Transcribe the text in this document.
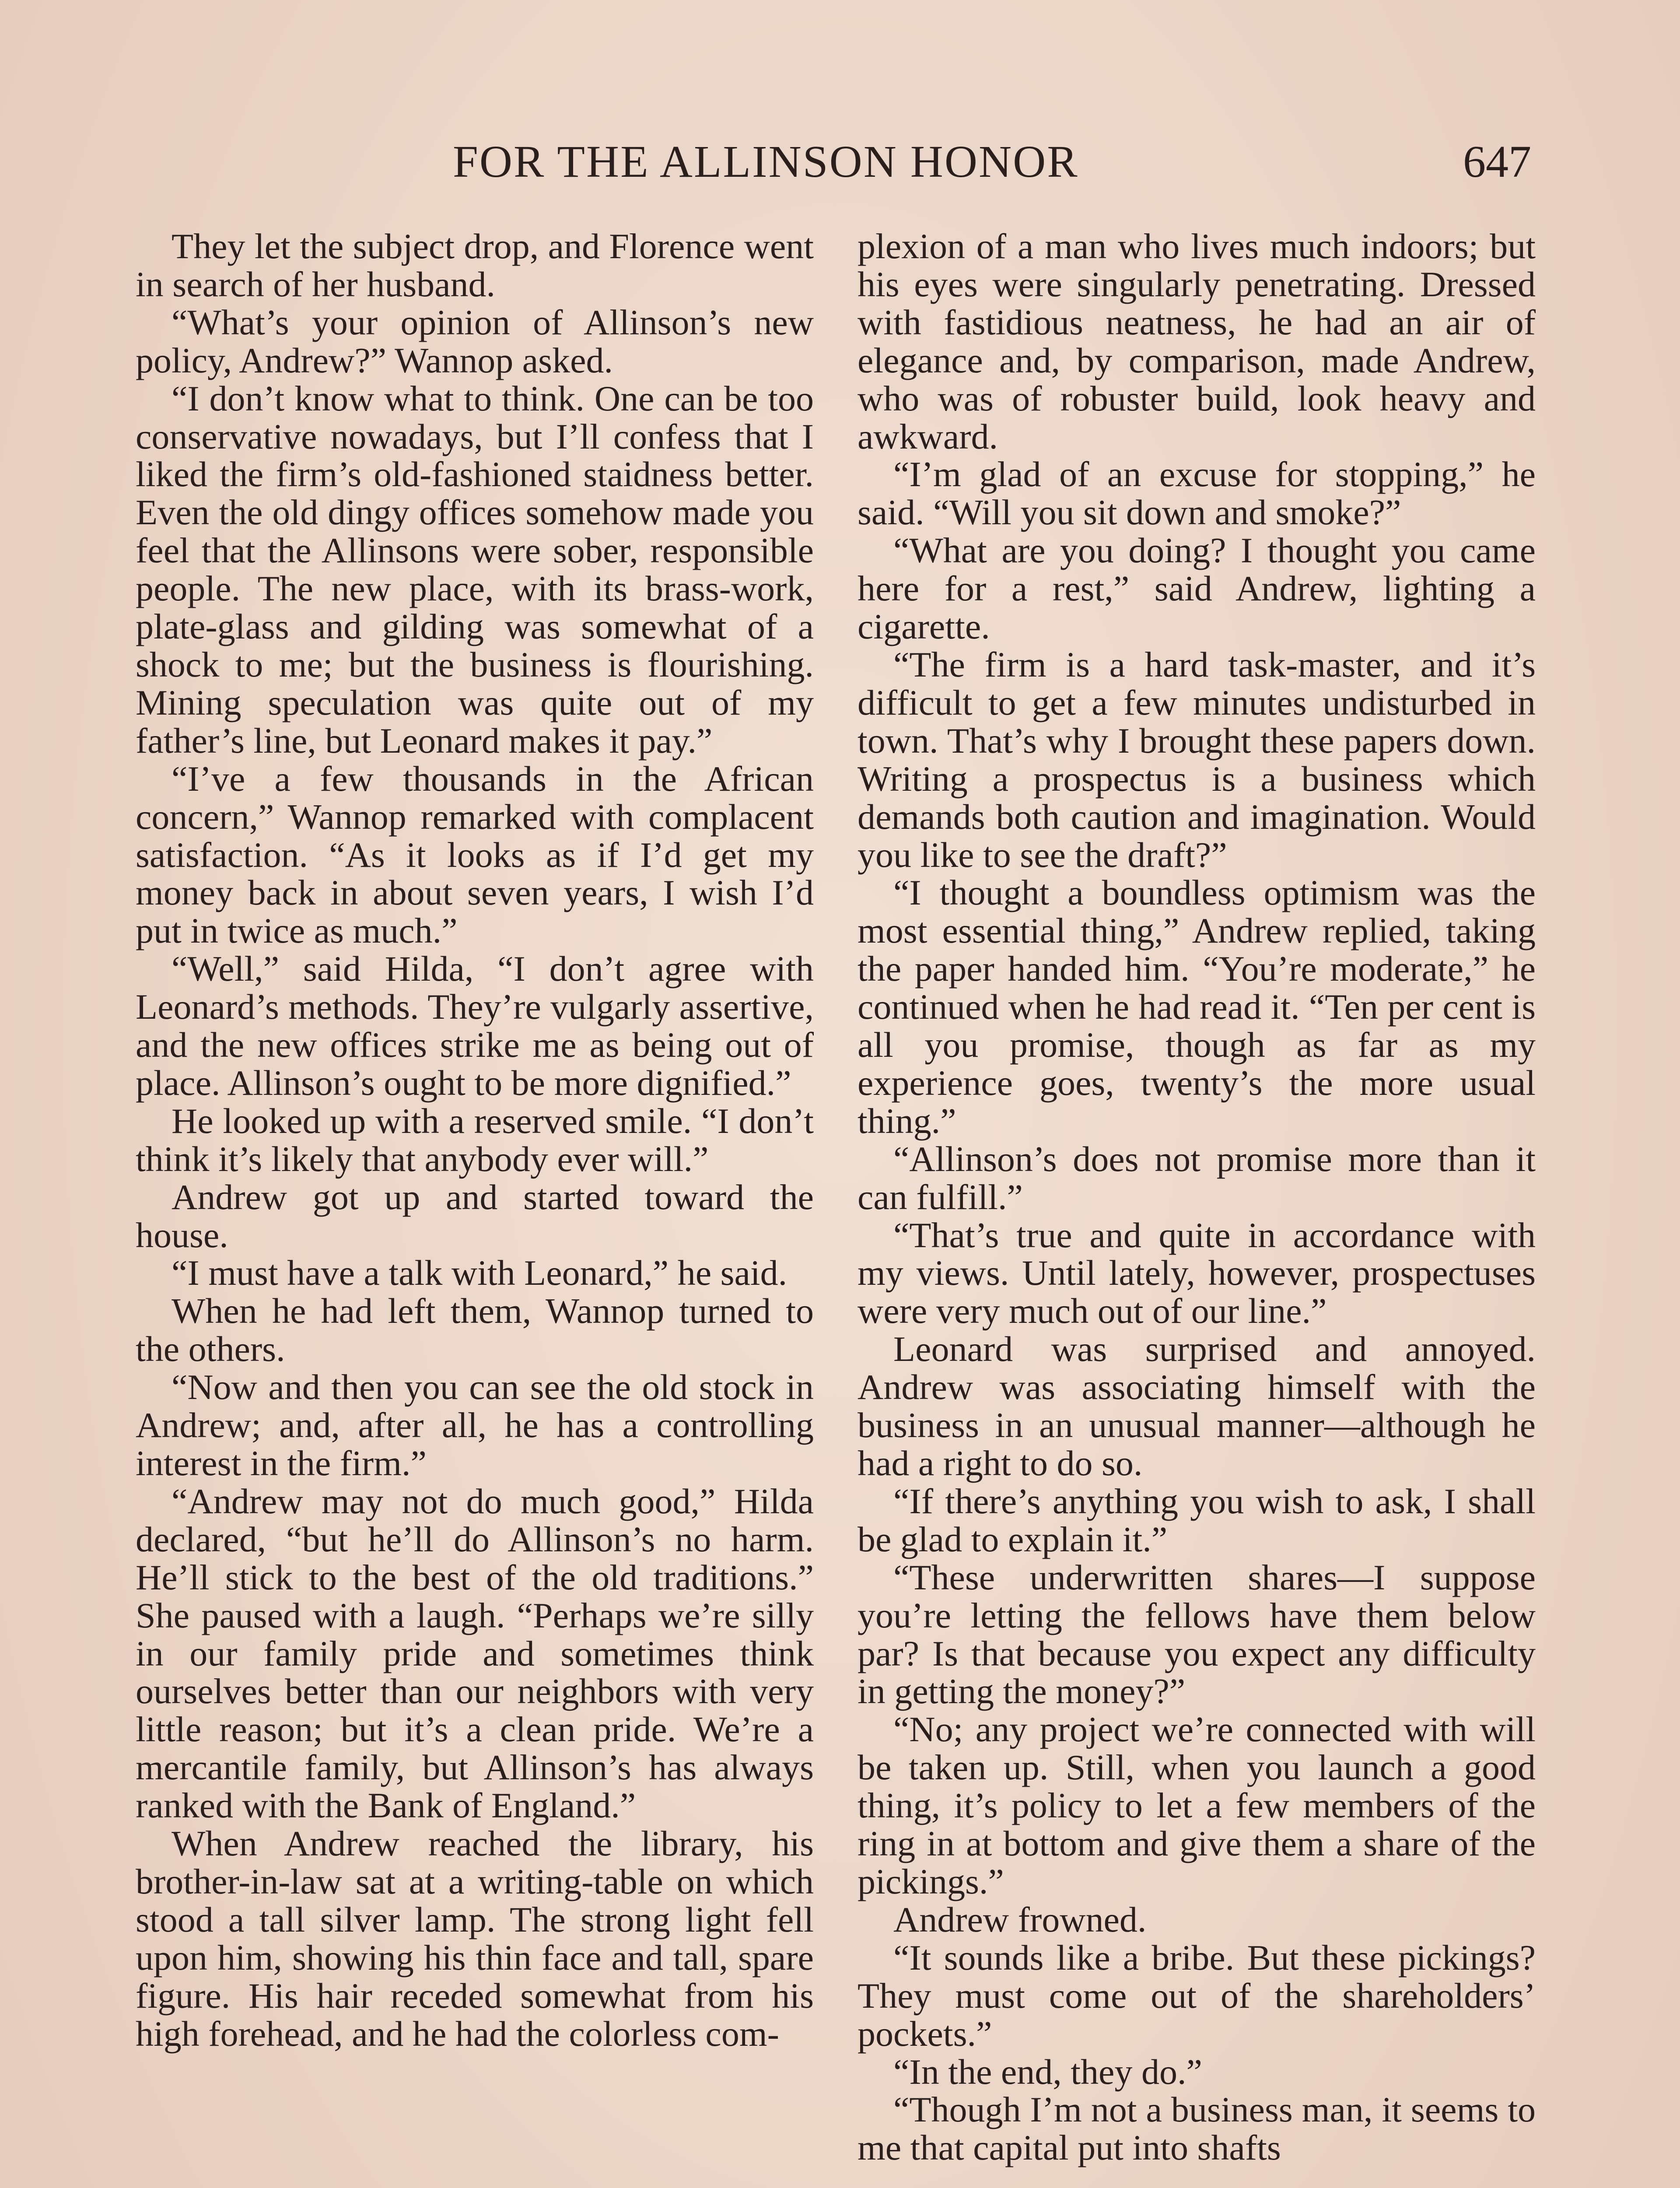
FOR THE ALLINSON HONOR	647

They let the subject drop, and Florence went in search of her husband.

“What’s your opinion of Allinson’s new policy, Andrew?” Wannop asked.

“I don’t know what to think. One can be too conservative nowadays, but I’ll confess that I liked the firm’s old-fashioned staidness better. Even the old dingy offices somehow made you feel that the Allinsons were sober, responsible people. The new place, with its brass-work, plate-glass and gilding was somewhat of a shock to me; but the business is flourishing. Mining speculation was quite out of my father’s line, but Leonard makes it pay.”

“I’ve a few thousands in the African concern,” Wannop remarked with complacent satisfaction. “As it looks as if I’d get my money back in about seven years, I wish I’d put in twice as much.”

“Well,” said Hilda, “I don’t agree with Leonard’s methods. They’re vulgarly assertive, and the new offices strike me as being out of place. Allinson’s ought to be more dignified.”

He looked up with a reserved smile. “I don’t think it’s likely that anybody ever will.”

Andrew got up and started toward the house.

“I must have a talk with Leonard,” he said.

When he had left them, Wannop turned to the others.

“Now and then you can see the old stock in Andrew; and, after all, he has a controlling interest in the firm.”

“Andrew may not do much good,” Hilda declared, “but he’ll do Allinson’s no harm. He’ll stick to the best of the old traditions.” She paused with a laugh. “Perhaps we’re silly in our family pride and sometimes think ourselves better than our neighbors with very little reason; but it’s a clean pride. We’re a mercantile family, but Allinson’s has always ranked with the Bank of England.”

When Andrew reached the library, his brother-in-law sat at a writing-table on which stood a tall silver lamp. The strong light fell upon him, showing his thin face and tall, spare figure. His hair receded somewhat from his high forehead, and he had the colorless com-

plexion of a man who lives much indoors; but his eyes were singularly penetrating. Dressed with fastidious neatness, he had an air of elegance and, by comparison, made Andrew, who was of robuster build, look heavy and awkward.

“I’m glad of an excuse for stopping,” he said. “Will you sit down and smoke?”

“What are you doing? I thought you came here for a rest,” said Andrew, lighting a cigarette.

“The firm is a hard task-master, and it’s difficult to get a few minutes undisturbed in town. That’s why I brought these papers down. Writing a prospectus is a business which demands both caution and imagination. Would you like to see the draft?”

“I thought a boundless optimism was the most essential thing,” Andrew replied, taking the paper handed him. “You’re moderate,” he continued when he had read it. “Ten per cent is all you promise, though as far as my experience goes, twenty’s the more usual thing.”

“Allinson’s does not promise more than it can fulfill.”

“That’s true and quite in accordance with my views. Until lately, however, prospectuses were very much out of our line.”

Leonard was surprised and annoyed. Andrew was associating himself with the business in an unusual manner—although he had a right to do so.

“If there’s anything you wish to ask, I shall be glad to explain it.”

“These underwritten shares—I suppose you’re letting the fellows have them below par? Is that because you expect any difficulty in getting the money?”

“No; any project we’re connected with will be taken up. Still, when you launch a good thing, it’s policy to let a few members of the ring in at bottom and give them a share of the pickings.”

Andrew frowned.

“It sounds like a bribe. But these pickings? They must come out of the shareholders’ pockets.”

“In the end, they do.”

“Though I’m not a business man, it seems to me that capital put into shafts
